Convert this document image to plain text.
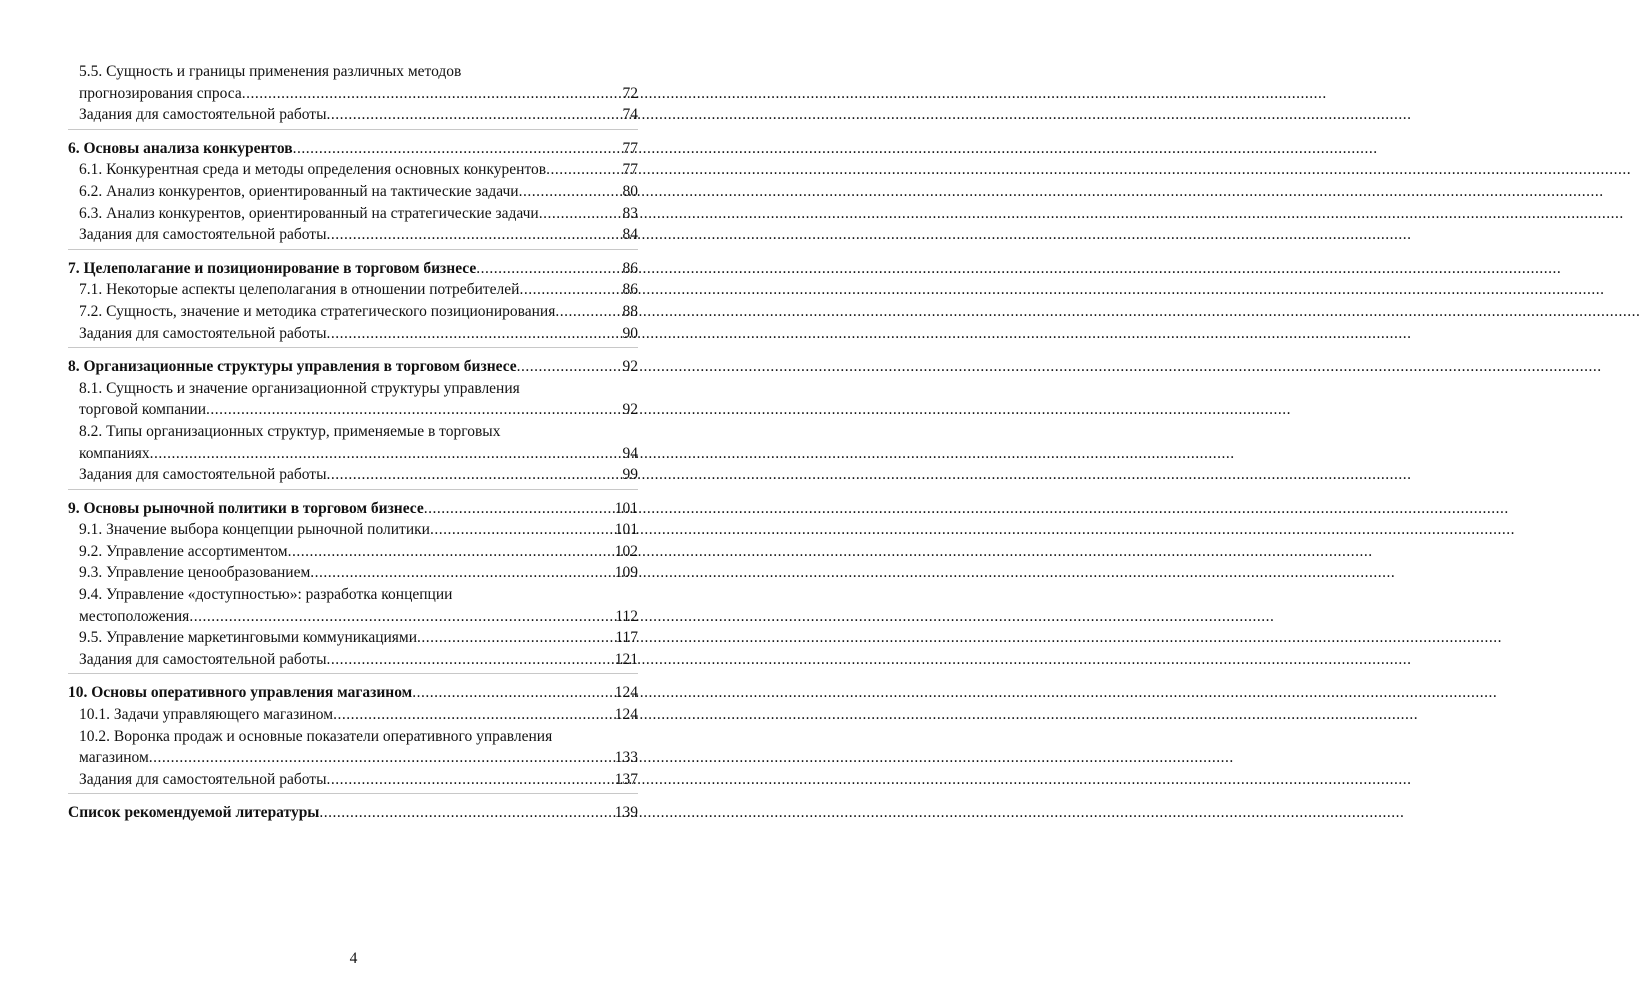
5.5. Сущность и границы применения различных методов
прогнозирования спроса .....	72
Задания для самостоятельной работы .....	74
6. Основы анализа конкурентов .....	77
6.1. Конкурентная среда и методы определения основных конкурентов .....	77
6.2. Анализ конкурентов, ориентированный на тактические задачи .....	80
6.3. Анализ конкурентов, ориентированный на стратегические задачи .....	83
Задания для самостоятельной работы .....	84
7. Целеполагание и позиционирование в торговом бизнесе .....	86
7.1. Некоторые аспекты целеполагания в отношении потребителей .....	86
7.2. Сущность, значение и методика стратегического позиционирования .....	88
Задания для самостоятельной работы .....	90
8. Организационные структуры управления в торговом бизнесе .....	92
8.1. Сущность и значение организационной структуры управления
торговой компании .....	92
8.2. Типы организационных структур, применяемые в торговых
компаниях .....	94
Задания для самостоятельной работы .....	99
9. Основы рыночной политики в торговом бизнесе .....	101
9.1. Значение выбора концепции рыночной политики .....	101
9.2. Управление ассортиментом .....	102
9.3. Управление ценообразованием .....	109
9.4. Управление «доступностью»: разработка концепции
местоположения .....	112
9.5. Управление маркетинговыми коммуникациями .....	117
Задания для самостоятельной работы .....	121
10. Основы оперативного управления магазином .....	124
10.1. Задачи управляющего магазином .....	124
10.2. Воронка продаж и основные показатели оперативного управления
магазином .....	133
Задания для самостоятельной работы .....	137
Список рекомендуемой литературы .....	139
4
